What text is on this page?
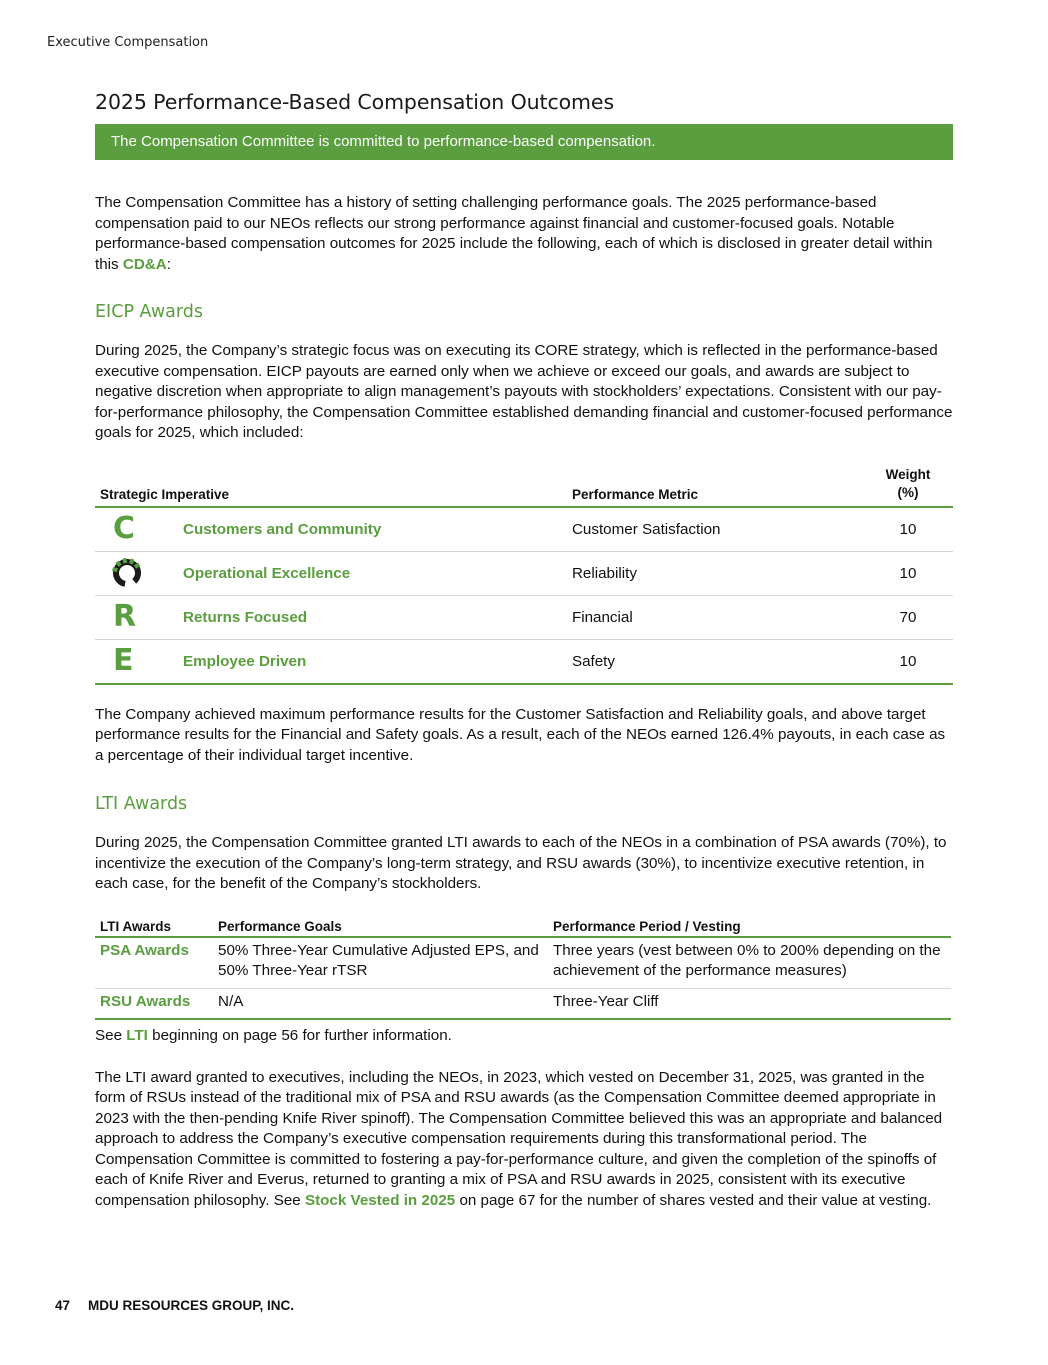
Executive Compensation
2025 Performance-Based Compensation Outcomes
The Compensation Committee is committed to performance-based compensation.

The Compensation Committee has a history of setting challenging performance goals. The 2025 performance-based compensation paid to our NEOs reflects our strong performance against financial and customer-focused goals. Notable performance-based compensation outcomes for 2025 include the following, each of which is disclosed in greater detail within this CD&A:

EICP Awards

During 2025, the Company’s strategic focus was on executing its CORE strategy, which is reflected in the performance-based executive compensation. EICP payouts are earned only when we achieve or exceed our goals, and awards are subject to negative discretion when appropriate to align management’s payouts with stockholders’ expectations. Consistent with our pay-for-performance philosophy, the Compensation Committee established demanding financial and customer-focused performance goals for 2025, which included:

Strategic Imperative		Performance Metric	Weight (%)
C	Customers and Community	Customer Satisfaction	10
	Operational Excellence	Reliability	10
R	Returns Focused	Financial	70
E	Employee Driven	Safety	10

The Company achieved maximum performance results for the Customer Satisfaction and Reliability goals, and above target performance results for the Financial and Safety goals. As a result, each of the NEOs earned 126.4% payouts, in each case as a percentage of their individual target incentive.

LTI Awards

During 2025, the Compensation Committee granted LTI awards to each of the NEOs in a combination of PSA awards (70%), to incentivize the execution of the Company’s long-term strategy, and RSU awards (30%), to incentivize executive retention, in each case, for the benefit of the Company’s stockholders.

LTI Awards	Performance Goals	Performance Period / Vesting
PSA Awards	50% Three-Year Cumulative Adjusted EPS, and 50% Three-Year rTSR	Three years (vest between 0% to 200% depending on the achievement of the performance measures)
RSU Awards	N/A	Three-Year Cliff

See LTI beginning on page 56 for further information.

The LTI award granted to executives, including the NEOs, in 2023, which vested on December 31, 2025, was granted in the form of RSUs instead of the traditional mix of PSA and RSU awards (as the Compensation Committee deemed appropriate in 2023 with the then-pending Knife River spinoff). The Compensation Committee believed this was an appropriate and balanced approach to address the Company’s executive compensation requirements during this transformational period. The Compensation Committee is committed to fostering a pay-for-performance culture, and given the completion of the spinoffs of each of Knife River and Everus, returned to granting a mix of PSA and RSU awards in 2025, consistent with its executive compensation philosophy. See Stock Vested in 2025 on page 67 for the number of shares vested and their value at vesting.

47 MDU RESOURCES GROUP, INC.
